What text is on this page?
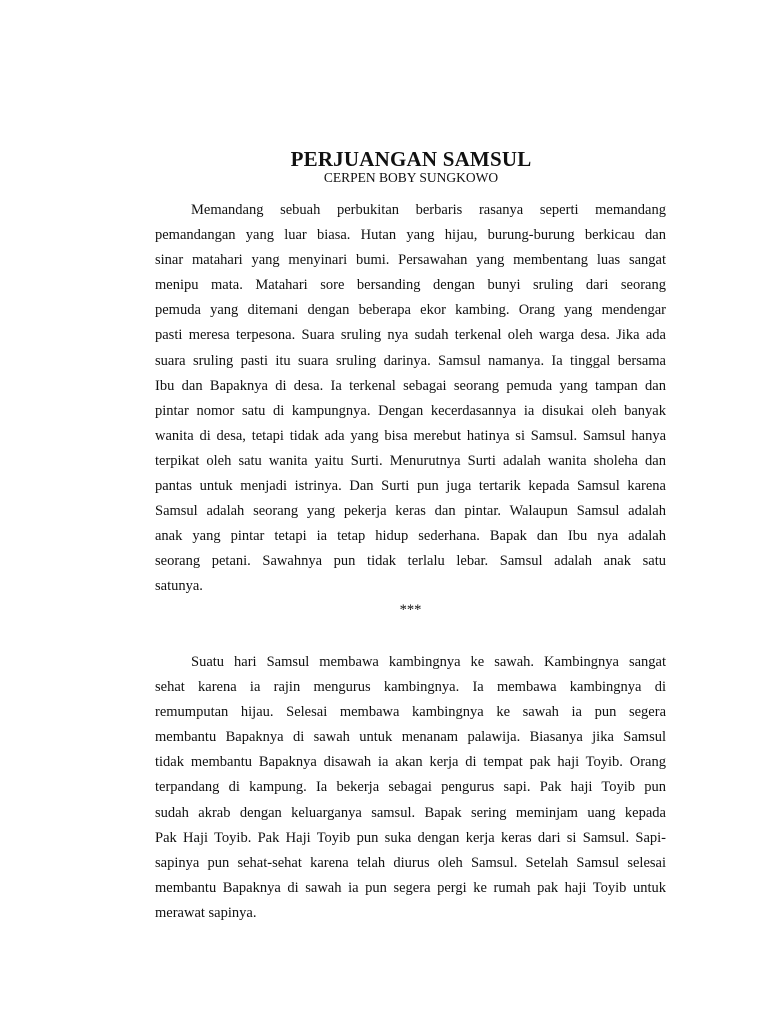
PERJUANGAN SAMSUL

CERPEN BOBY SUNGKOWO

Memandang sebuah perbukitan berbaris rasanya seperti memandang
pemandangan yang luar biasa. Hutan yang hijau, burung-burung berkicau dan
sinar matahari yang menyinari bumi. Persawahan yang membentang luas sangat
menipu mata. Matahari sore bersanding dengan bunyi sruling dari seorang
pemuda yang ditemani dengan beberapa ekor kambing. Orang yang mendengar
pasti meresa terpesona. Suara sruling nya sudah terkenal oleh warga desa. Jika ada
suara sruling pasti itu suara sruling darinya. Samsul namanya. Ia tinggal bersama
Ibu dan Bapaknya di desa. Ia terkenal sebagai seorang pemuda yang tampan dan
pintar nomor satu di kampungnya. Dengan kecerdasannya ia disukai oleh banyak
wanita di desa, tetapi tidak ada yang bisa merebut hatinya si Samsul. Samsul hanya
terpikat oleh satu wanita yaitu Surti. Menurutnya Surti adalah wanita sholeha dan
pantas untuk menjadi istrinya. Dan Surti pun juga tertarik kepada Samsul karena
Samsul adalah seorang yang pekerja keras dan pintar. Walaupun Samsul adalah
anak yang pintar tetapi ia tetap hidup sederhana. Bapak dan Ibu nya adalah
seorang petani. Sawahnya pun tidak terlalu lebar. Samsul adalah anak satu
satunya.

***

Suatu hari Samsul membawa kambingnya ke sawah. Kambingnya sangat
sehat karena ia rajin mengurus kambingnya. Ia membawa kambingnya di
remumputan hijau. Selesai membawa kambingnya ke sawah ia pun segera
membantu Bapaknya di sawah untuk menanam palawija. Biasanya jika Samsul
tidak membantu Bapaknya disawah ia akan kerja di tempat pak haji Toyib. Orang
terpandang di kampung. Ia bekerja sebagai pengurus sapi. Pak haji Toyib pun
sudah akrab dengan keluarganya samsul. Bapak sering meminjam uang kepada
Pak Haji Toyib. Pak Haji Toyib pun suka dengan kerja keras dari si Samsul. Sapi-
sapinya pun sehat-sehat karena telah diurus oleh Samsul. Setelah Samsul selesai
membantu Bapaknya di sawah ia pun segera pergi ke rumah pak haji Toyib untuk
merawat sapinya.
